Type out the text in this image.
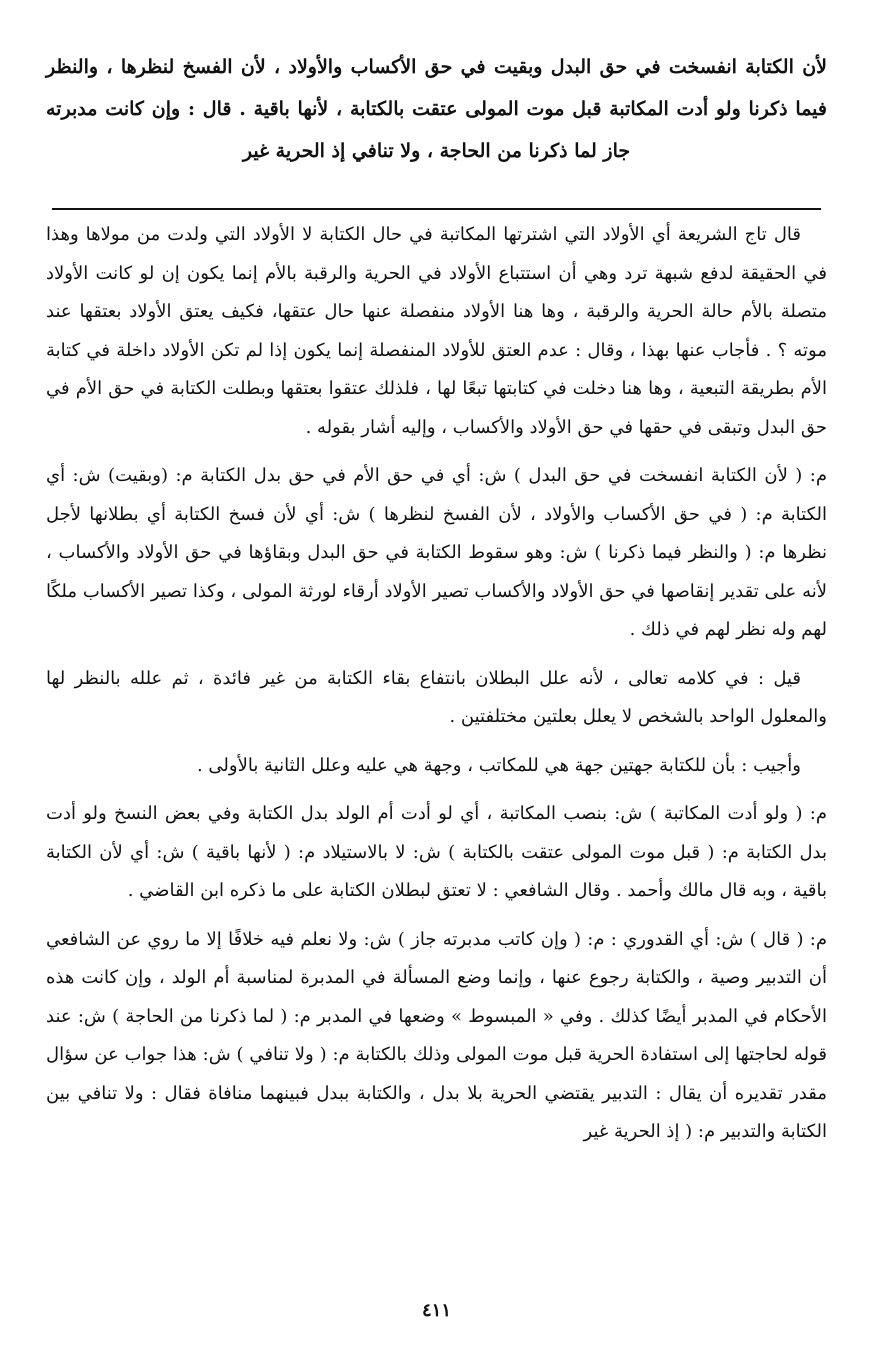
لأن الكتابة انفسخت في حق البدل وبقيت في حق الأكساب والأولاد ، لأن الفسخ لنظرها ، والنظر فيما ذكرنا ولو أدت المكاتبة قبل موت المولى عتقت بالكتابة ، لأنها باقية . قال : وإن كانت مدبرته جاز لما ذكرنا من الحاجة ، ولا تنافي إذ الحرية غير

قال تاج الشريعة أي الأولاد التي اشترتها المكاتبة في حال الكتابة لا الأولاد التي ولدت من مولاها وهذا في الحقيقة لدفع شبهة ترد وهي أن استتباع الأولاد في الحرية والرقبة بالأم إنما يكون إن لو كانت الأولاد متصلة بالأم حالة الحرية والرقبة ، وها هنا الأولاد منفصلة عنها حال عتقها، فكيف يعتق الأولاد بعتقها عند موته ؟ . فأجاب عنها بهذا ، وقال : عدم العتق للأولاد المنفصلة إنما يكون إذا لم تكن الأولاد داخلة في كتابة الأم بطريقة التبعية ، وها هنا دخلت في كتابتها تبعًا لها ، فلذلك عتقوا بعتقها وبطلت الكتابة في حق الأم في حق البدل وتبقى في حقها في حق الأولاد والأكساب ، وإليه أشار بقوله .

م: ( لأن الكتابة انفسخت في حق البدل ) ش: أي في حق الأم في حق بدل الكتابة م: (وبقيت) ش: أي الكتابة م: ( في حق الأكساب والأولاد ، لأن الفسخ لنظرها ) ش: أي لأن فسخ الكتابة أي بطلانها لأجل نظرها م: ( والنظر فيما ذكرنا ) ش: وهو سقوط الكتابة في حق البدل وبقاؤها في حق الأولاد والأكساب ، لأنه على تقدير إنقاصها في حق الأولاد والأكساب تصير الأولاد أرقاء لورثة المولى ، وكذا تصير الأكساب ملكًا لهم وله نظر لهم في ذلك .

قيل : في كلامه تعالى ، لأنه علل البطلان بانتفاع بقاء الكتابة من غير فائدة ، ثم علله بالنظر لها والمعلول الواحد بالشخص لا يعلل بعلتين مختلفتين .

وأجيب : بأن للكتابة جهتين جهة هي للمكاتب ، وجهة هي عليه وعلل الثانية بالأولى .

م: ( ولو أدت المكاتبة ) ش: بنصب المكاتبة ، أي لو أدت أم الولد بدل الكتابة وفي بعض النسخ ولو أدت بدل الكتابة م: ( قبل موت المولى عتقت بالكتابة ) ش: لا بالاستيلاد م: ( لأنها باقية ) ش: أي لأن الكتابة باقية ، وبه قال مالك وأحمد . وقال الشافعي : لا تعتق لبطلان الكتابة على ما ذكره ابن القاضي .

م: ( قال ) ش: أي القدوري : م: ( وإن كاتب مدبرته جاز ) ش: ولا نعلم فيه خلافًا إلا ما روي عن الشافعي أن التدبير وصية ، والكتابة رجوع عنها ، وإنما وضع المسألة في المدبرة لمناسبة أم الولد ، وإن كانت هذه الأحكام في المدبر أيضًا كذلك . وفي « المبسوط » وضعها في المدبر م: ( لما ذكرنا من الحاجة ) ش: عند قوله لحاجتها إلى استفادة الحرية قبل موت المولى وذلك بالكتابة م: ( ولا تنافي ) ش: هذا جواب عن سؤال مقدر تقديره أن يقال : التدبير يقتضي الحرية بلا بدل ، والكتابة ببدل فبينهما منافاة فقال : ولا تنافي بين الكتابة والتدبير م: ( إذ الحرية غير

٤١١
